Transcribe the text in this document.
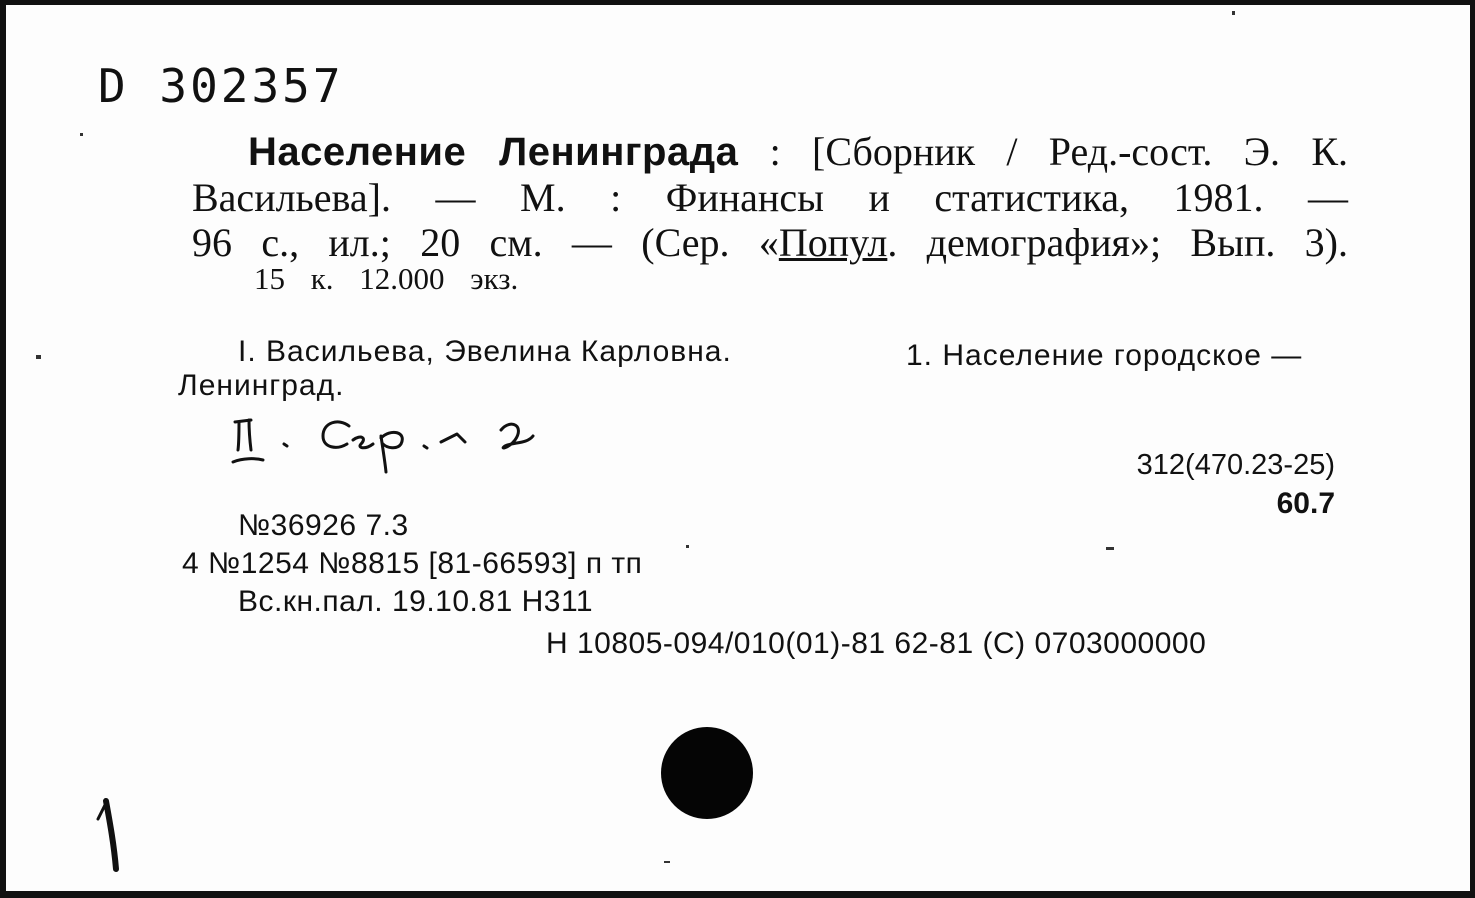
D 302357
Население Ленинграда : [Сборник / Ред.-сост. Э. К.
Васильева]. — М. : Финансы и статистика, 1981. —
96 с., ил.; 20 см. — (Сер. «Попул. демография»; Вып. 3).
15 к. 12.000 экз.
I. Васильева, Эвелина Карловна.	1. Население городское —
Ленинград.
312(470.23-25)
60.7
№36926 7.3
4 №1254 №8815 [81-66593] п тп
Вс.кн.пал. 19.10.81 Н311
Н 10805-094/010(01)-81 62-81 (С) 0703000000
